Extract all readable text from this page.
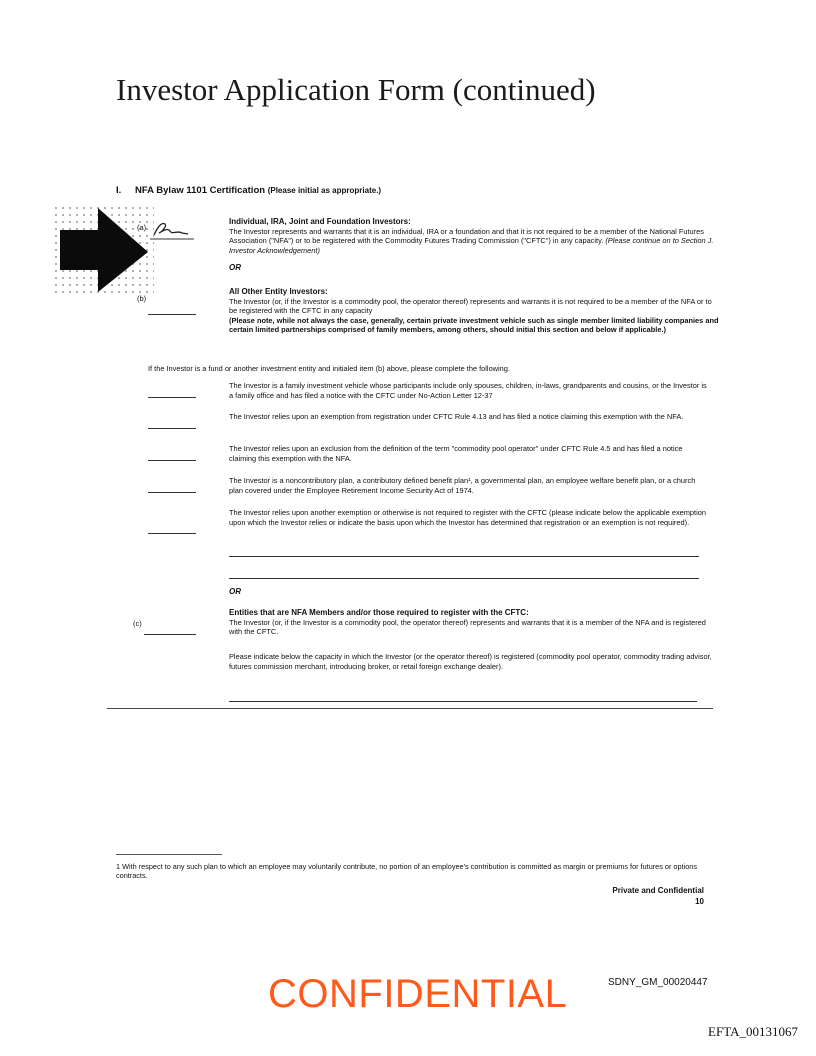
Investor Application Form (continued)
I. NFA Bylaw 1101 Certification (Please initial as appropriate.)
(a)
Individual, IRA, Joint and Foundation Investors:
The Investor represents and warrants that it is an individual, IRA or a foundation and that it is not required to be a member of the National Futures Association ("NFA") or to be registered with the Commodity Futures Trading Commission ("CFTC") in any capacity. (Please continue on to Section J. Investor Acknowledgement)
OR
(b)
All Other Entity Investors:
The Investor (or, if the Investor is a commodity pool, the operator thereof) represents and warrants it is not required to be a member of the NFA or to be registered with the CFTC in any capacity
(Please note, while not always the case, generally, certain private investment vehicle such as single member limited liability companies and certain limited partnerships comprised of family members, among others, should initial this section and below if applicable.)
If the Investor is a fund or another investment entity and initialed item (b) above, please complete the following.
The Investor is a family investment vehicle whose participants include only spouses, children, in-laws, grandparents and cousins, or the Investor is a family office and has filed a notice with the CFTC under No-Action Letter 12-37
The Investor relies upon an exemption from registration under CFTC Rule 4.13 and has filed a notice claiming this exemption with the NFA.
The Investor relies upon an exclusion from the definition of the term "commodity pool operator" under CFTC Rule 4.5 and has filed a notice claiming this exemption with the NFA.
The Investor is a noncontributory plan, a contributory defined benefit plan¹, a governmental plan, an employee welfare benefit plan, or a church plan covered under the Employee Retirement Income Security Act of 1974.
The Investor relies upon another exemption or otherwise is not required to register with the CFTC (please indicate below the applicable exemption upon which the Investor relies or indicate the basis upon which the Investor has determined that registration or an exemption is not required).
OR
(c)
Entities that are NFA Members and/or those required to register with the CFTC:
The Investor (or, if the Investor is a commodity pool, the operator thereof) represents and warrants that it is a member of the NFA and is registered with the CFTC.
Please indicate below the capacity in which the Investor (or the operator thereof) is registered (commodity pool operator, commodity trading advisor, futures commission merchant, introducing broker, or retail foreign exchange dealer).
1 With respect to any such plan to which an employee may voluntarily contribute, no portion of an employee's contribution is committed as margin or premiums for futures or options contracts.
Private and Confidential
10
CONFIDENTIAL	SDNY_GM_00020447
EFTA_00131067
